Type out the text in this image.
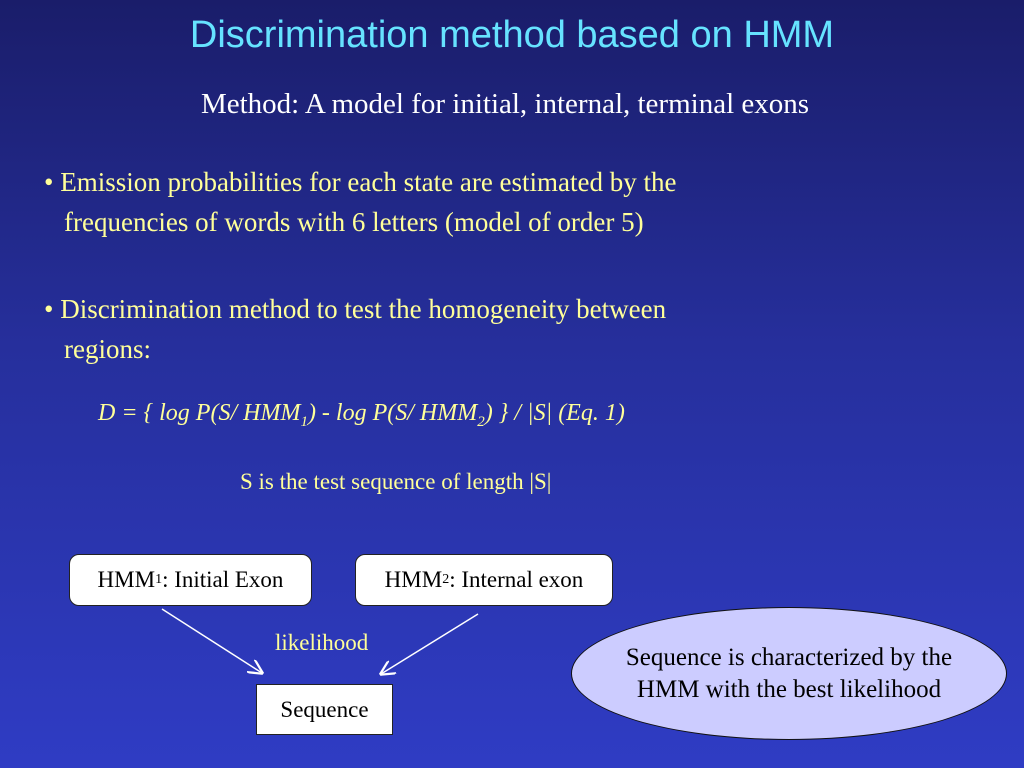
Discrimination method based on HMM
Method: A model for initial, internal, terminal exons
• Emission probabilities for each state are estimated by the
frequencies of words with 6 letters (model of order 5)
• Discrimination method to test the homogeneity between
regions:
D = { log P(S/ $HMM_1$) - log P(S/ $HMM_2$) } / |S| (Eq. 1)
S is the test sequence of length |S|
HMM 1 : Initial Exon	HMM 2 : Internal exon
likelihood
Sequence
Sequence is characterized by the HMM with the best likelihood
